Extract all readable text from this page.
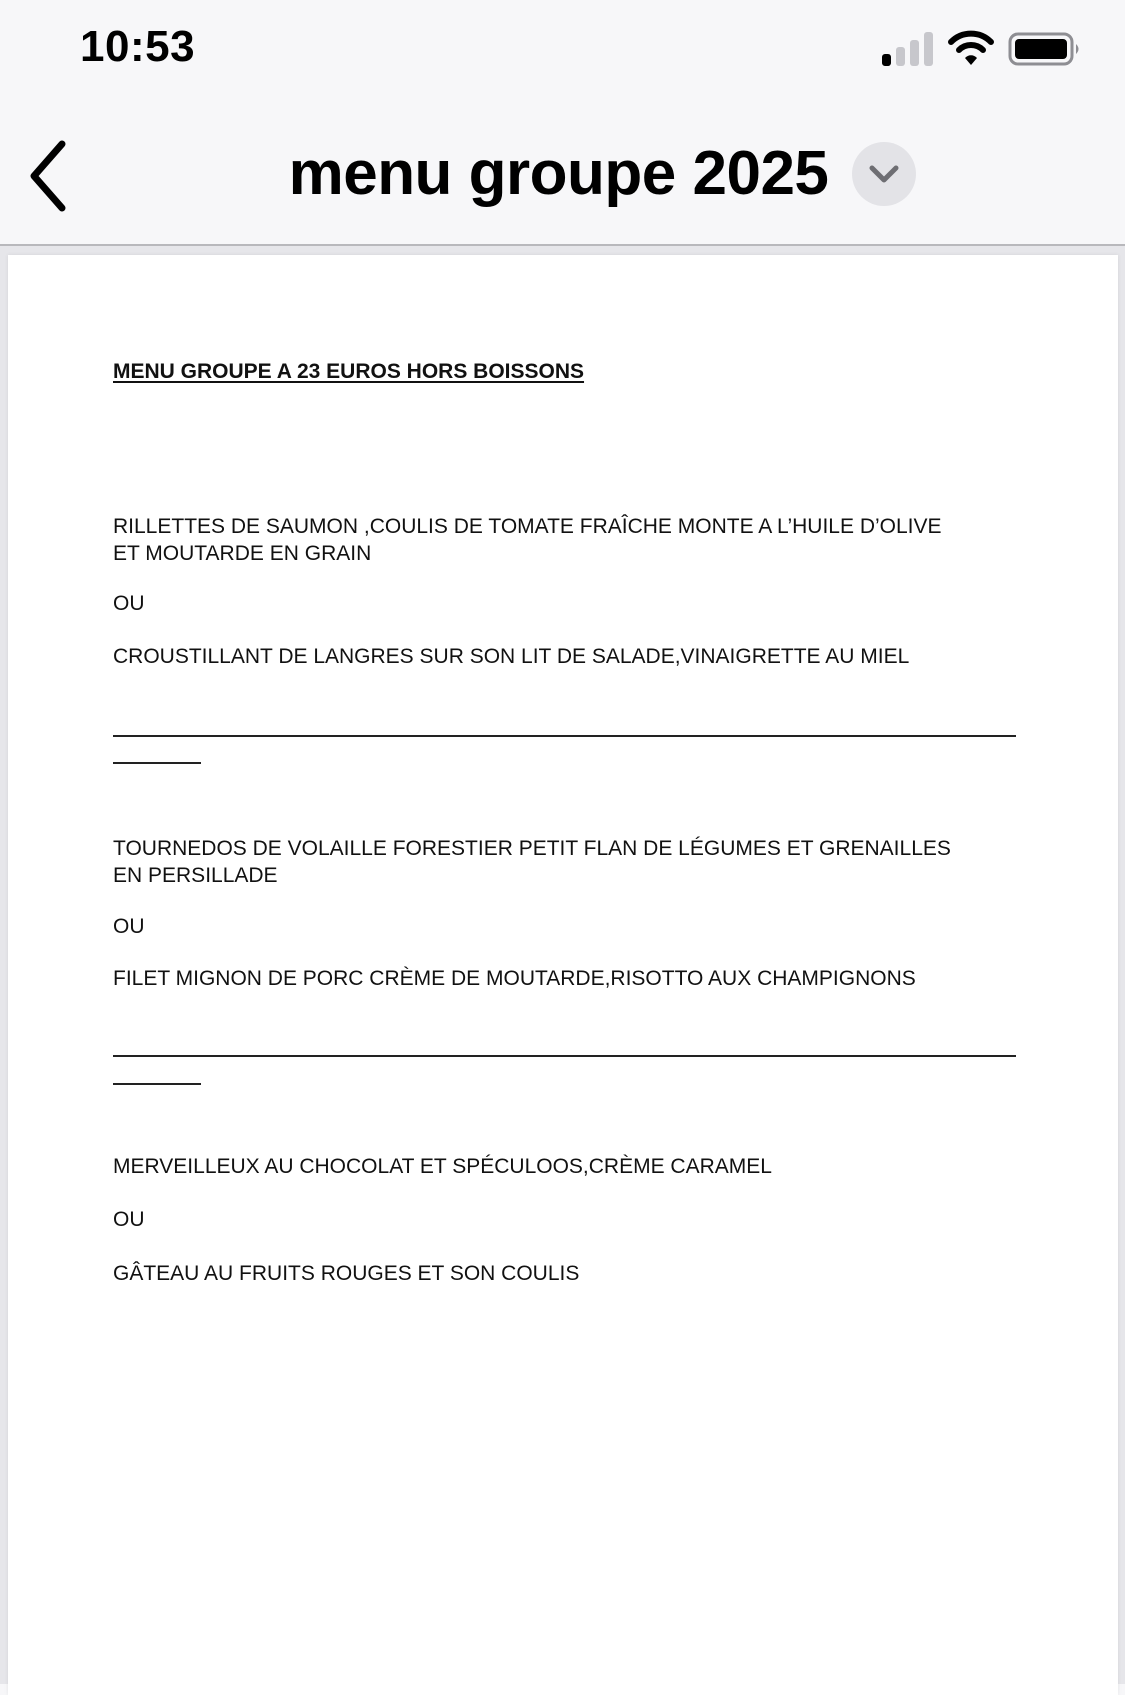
10:53
menu groupe 2025
MENU GROUPE A 23 EUROS HORS BOISSONS
RILLETTES DE SAUMON ,COULIS DE TOMATE FRAÎCHE MONTE A L’HUILE D’OLIVE
ET MOUTARDE EN GRAIN
OU
CROUSTILLANT DE LANGRES SUR SON LIT DE SALADE,VINAIGRETTE AU MIEL
TOURNEDOS DE VOLAILLE FORESTIER PETIT FLAN DE LÉGUMES ET GRENAILLES
EN PERSILLADE
OU
FILET MIGNON DE PORC CRÈME DE MOUTARDE,RISOTTO AUX CHAMPIGNONS
MERVEILLEUX AU CHOCOLAT ET SPÉCULOOS,CRÈME CARAMEL
OU
GÂTEAU AU FRUITS ROUGES ET SON COULIS
